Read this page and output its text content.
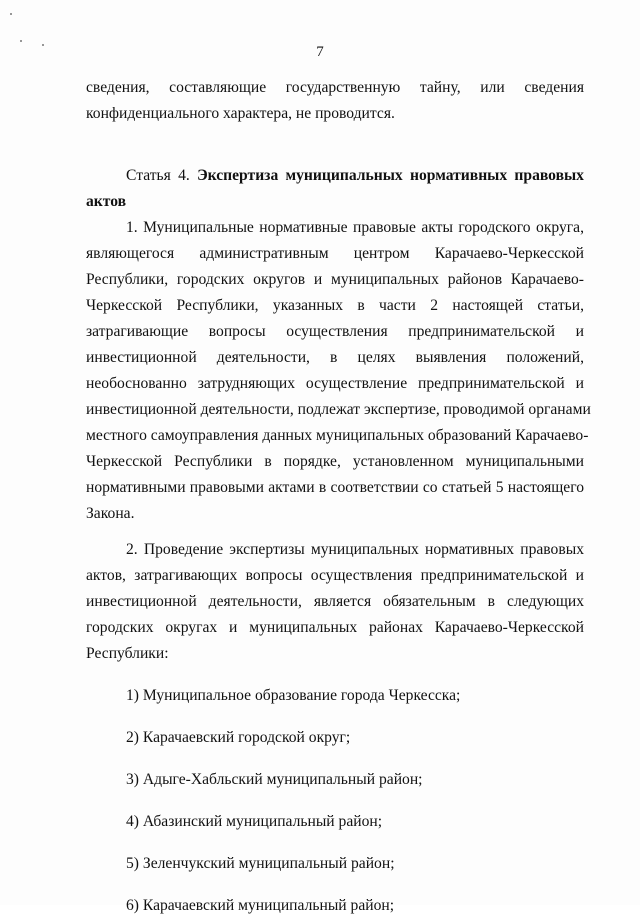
7
сведения, составляющие государственную тайну, или сведения
конфиденциального характера, не проводится.
Статья 4. Экспертиза муниципальных нормативных правовых
актов
1. Муниципальные нормативные правовые акты городского округа,
являющегося административным центром Карачаево-Черкесской
Республики, городских округов и муниципальных районов Карачаево-
Черкесской Республики, указанных в части 2 настоящей статьи,
затрагивающие вопросы осуществления предпринимательской и
инвестиционной деятельности, в целях выявления положений,
необоснованно затрудняющих осуществление предпринимательской и
инвестиционной деятельности, подлежат экспертизе, проводимой органами
местного самоуправления данных муниципальных образований Карачаево-
Черкесской Республики в порядке, установленном муниципальными
нормативными правовыми актами в соответствии со статьей 5 настоящего
Закона.
2. Проведение экспертизы муниципальных нормативных правовых
актов, затрагивающих вопросы осуществления предпринимательской и
инвестиционной деятельности, является обязательным в следующих
городских округах и муниципальных районах Карачаево-Черкесской
Республики:
1) Муниципальное образование города Черкесска;
2) Карачаевский городской округ;
3) Адыге-Хабльский муниципальный район;
4) Абазинский муниципальный район;
5) Зеленчукский муниципальный район;
6) Карачаевский муниципальный район;
